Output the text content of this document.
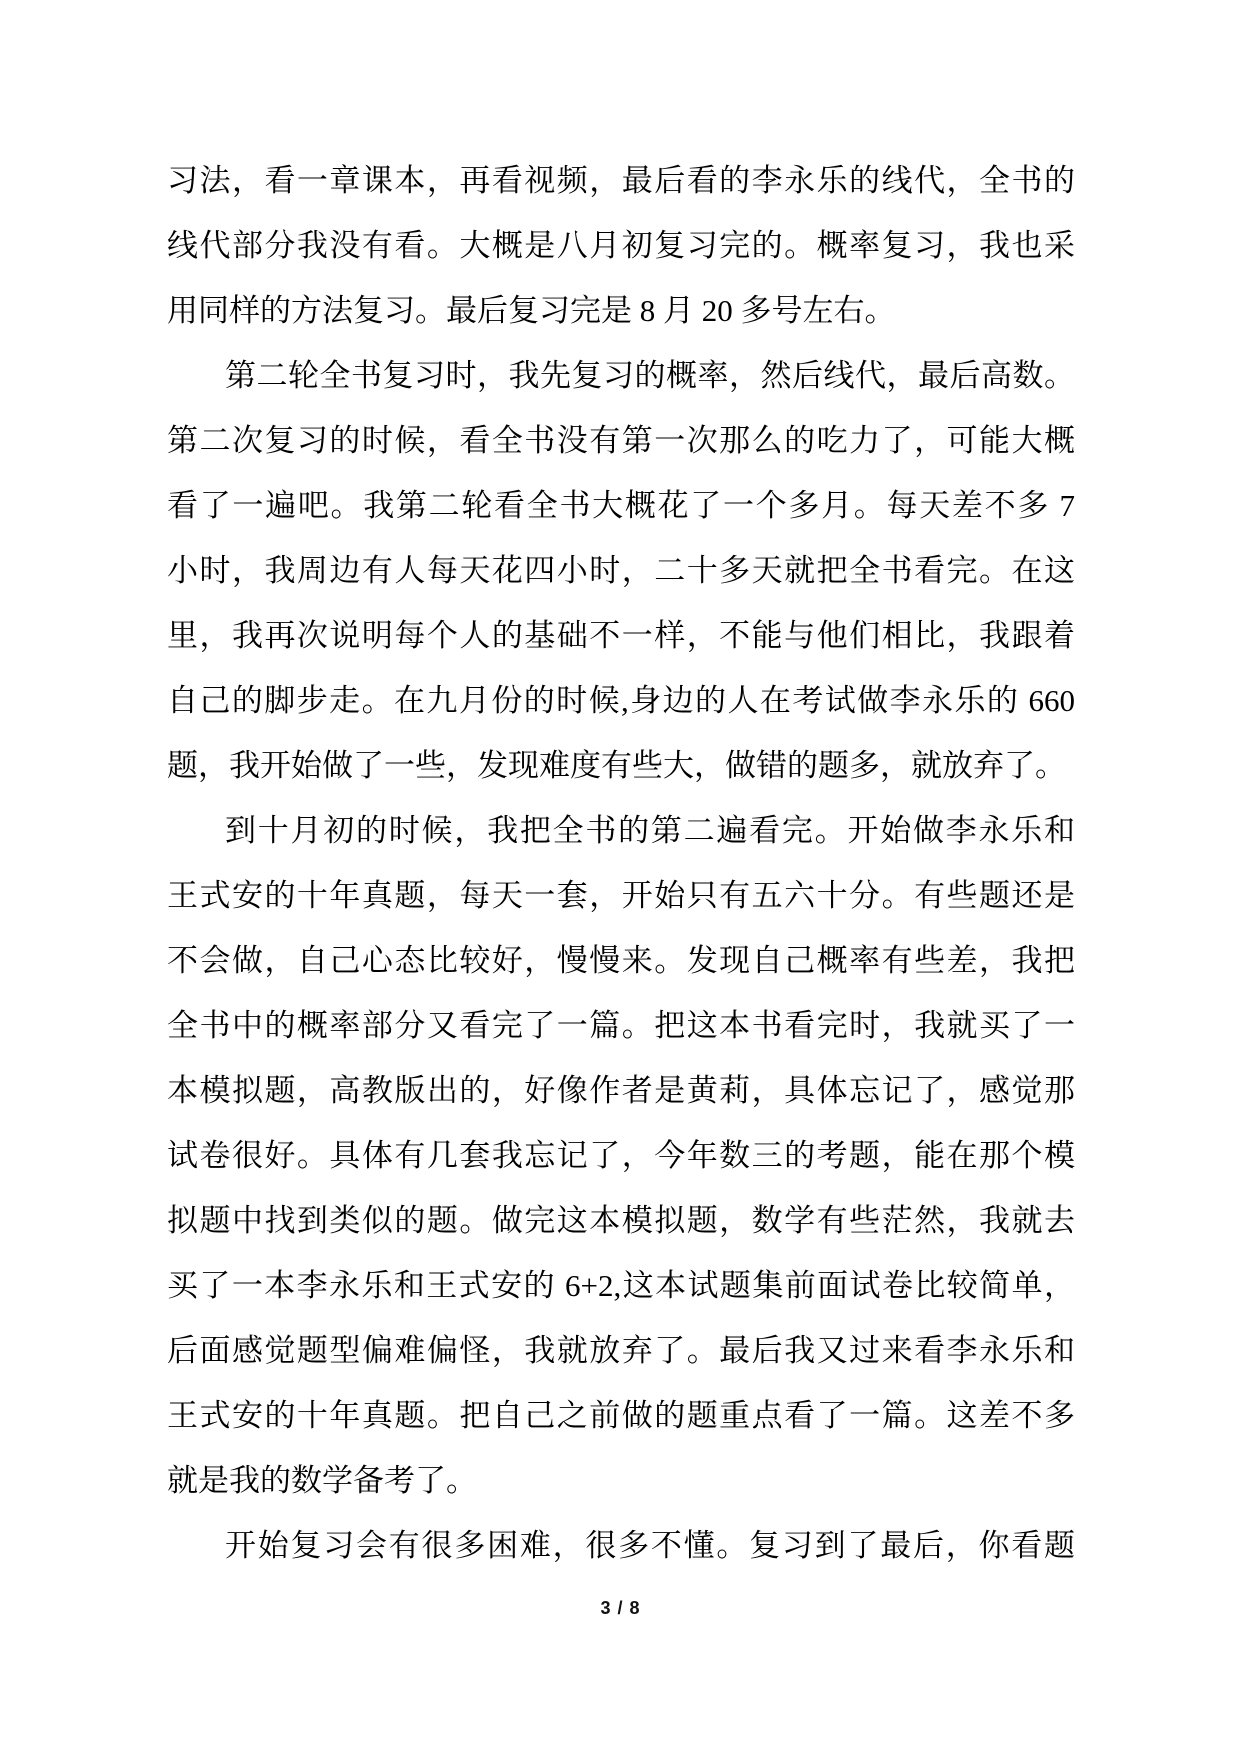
习法，看一章课本，再看视频，最后看的李永乐的线代，全书的
线代部分我没有看。大概是八月初复习完的。概率复习，我也采
用同样的方法复习。最后复习完是 8 月 20 多号左右。
第二轮全书复习时，我先复习的概率，然后线代，最后高数。
第二次复习的时候，看全书没有第一次那么的吃力了，可能大概
看了一遍吧。我第二轮看全书大概花了一个多月。每天差不多 7
小时，我周边有人每天花四小时，二十多天就把全书看完。在这
里，我再次说明每个人的基础不一样，不能与他们相比，我跟着
自己的脚步走。在九月份的时候,身边的人在考试做李永乐的 660
题，我开始做了一些，发现难度有些大，做错的题多，就放弃了。
到十月初的时候，我把全书的第二遍看完。开始做李永乐和
王式安的十年真题，每天一套，开始只有五六十分。有些题还是
不会做，自己心态比较好，慢慢来。发现自己概率有些差，我把
全书中的概率部分又看完了一篇。把这本书看完时，我就买了一
本模拟题，高教版出的，好像作者是黄莉，具体忘记了，感觉那
试卷很好。具体有几套我忘记了，今年数三的考题，能在那个模
拟题中找到类似的题。做完这本模拟题，数学有些茫然，我就去
买了一本李永乐和王式安的 6+2,这本试题集前面试卷比较简单，
后面感觉题型偏难偏怪，我就放弃了。最后我又过来看李永乐和
王式安的十年真题。把自己之前做的题重点看了一篇。这差不多
就是我的数学备考了。
开始复习会有很多困难，很多不懂。复习到了最后，你看题
3 / 8
